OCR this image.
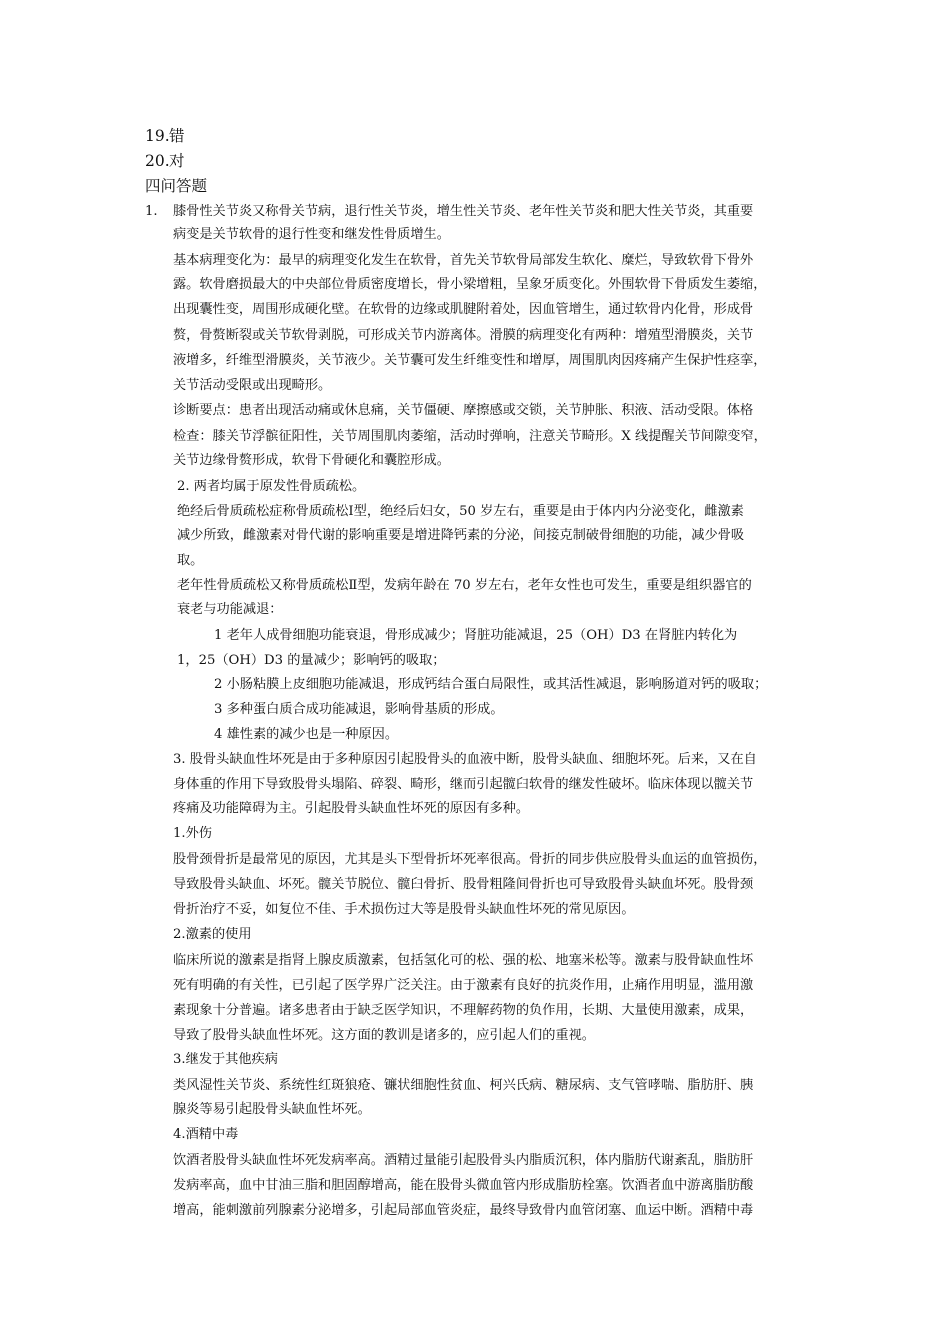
19.错
20.对
四问答题
1. 膝骨性关节炎又称骨关节病，退行性关节炎，增生性关节炎、老年性关节炎和肥大性关节炎，其重要
病变是关节软骨的退行性变和继发性骨质增生。
基本病理变化为：最早的病理变化发生在软骨，首先关节软骨局部发生软化、糜烂，导致软骨下骨外
露。软骨磨损最大的中央部位骨质密度增长，骨小梁增粗，呈象牙质变化。外围软骨下骨质发生萎缩，
出现囊性变，周围形成硬化壁。在软骨的边缘或肌腱附着处，因血管增生，通过软骨内化骨，形成骨
赘，骨赘断裂或关节软骨剥脱，可形成关节内游离体。滑膜的病理变化有两种：增殖型滑膜炎，关节
液增多，纤维型滑膜炎，关节液少。关节囊可发生纤维变性和增厚，周围肌肉因疼痛产生保护性痉挛，
关节活动受限或出现畸形。
诊断要点：患者出现活动痛或休息痛，关节僵硬、摩擦感或交锁，关节肿胀、积液、活动受限。体格
检查：膝关节浮髌征阳性，关节周围肌肉萎缩，活动时弹响，注意关节畸形。X 线提醒关节间隙变窄，
关节边缘骨赘形成，软骨下骨硬化和囊腔形成。
2. 两者均属于原发性骨质疏松。
绝经后骨质疏松症称骨质疏松Ⅰ型，绝经后妇女，50 岁左右，重要是由于体内内分泌变化，雌激素
减少所致，雌激素对骨代谢的影响重要是增进降钙素的分泌，间接克制破骨细胞的功能，减少骨吸
取。
老年性骨质疏松又称骨质疏松Ⅱ型，发病年龄在 70 岁左右，老年女性也可发生，重要是组织器官的
衰老与功能减退：
1 老年人成骨细胞功能衰退，骨形成减少；肾脏功能减退，25（OH）D3 在肾脏内转化为
1，25（OH）D3 的量减少；影响钙的吸取；
2 小肠粘膜上皮细胞功能减退，形成钙结合蛋白局限性，或其活性减退，影响肠道对钙的吸取；
3 多种蛋白质合成功能减退，影响骨基质的形成。
4 雄性素的减少也是一种原因。
3. 股骨头缺血性坏死是由于多种原因引起股骨头的血液中断，股骨头缺血、细胞坏死。后来，又在自
身体重的作用下导致股骨头塌陷、碎裂、畸形，继而引起髋臼软骨的继发性破坏。临床体现以髋关节
疼痛及功能障碍为主。引起股骨头缺血性坏死的原因有多种。
1.外伤
股骨颈骨折是最常见的原因，尤其是头下型骨折坏死率很高。骨折的同步供应股骨头血运的血管损伤，
导致股骨头缺血、坏死。髋关节脱位、髋臼骨折、股骨粗隆间骨折也可导致股骨头缺血坏死。股骨颈
骨折治疗不妥，如复位不佳、手术损伤过大等是股骨头缺血性坏死的常见原因。
2.激素的使用
临床所说的激素是指肾上腺皮质激素，包括氢化可的松、强的松、地塞米松等。激素与股骨缺血性坏
死有明确的有关性，已引起了医学界广泛关注。由于激素有良好的抗炎作用，止痛作用明显，滥用激
素现象十分普遍。诸多患者由于缺乏医学知识，不理解药物的负作用，长期、大量使用激素，成果，
导致了股骨头缺血性坏死。这方面的教训是诸多的，应引起人们的重视。
3.继发于其他疾病
类风湿性关节炎、系统性红斑狼疮、镰状细胞性贫血、柯兴氏病、糖尿病、支气管哮喘、脂肪肝、胰
腺炎等易引起股骨头缺血性坏死。
4.酒精中毒
饮酒者股骨头缺血性坏死发病率高。酒精过量能引起股骨头内脂质沉积，体内脂肪代谢紊乱，脂肪肝
发病率高，血中甘油三脂和胆固醇增高，能在股骨头微血管内形成脂肪栓塞。饮酒者血中游离脂肪酸
增高，能刺激前列腺素分泌增多，引起局部血管炎症，最终导致骨内血管闭塞、血运中断。酒精中毒
